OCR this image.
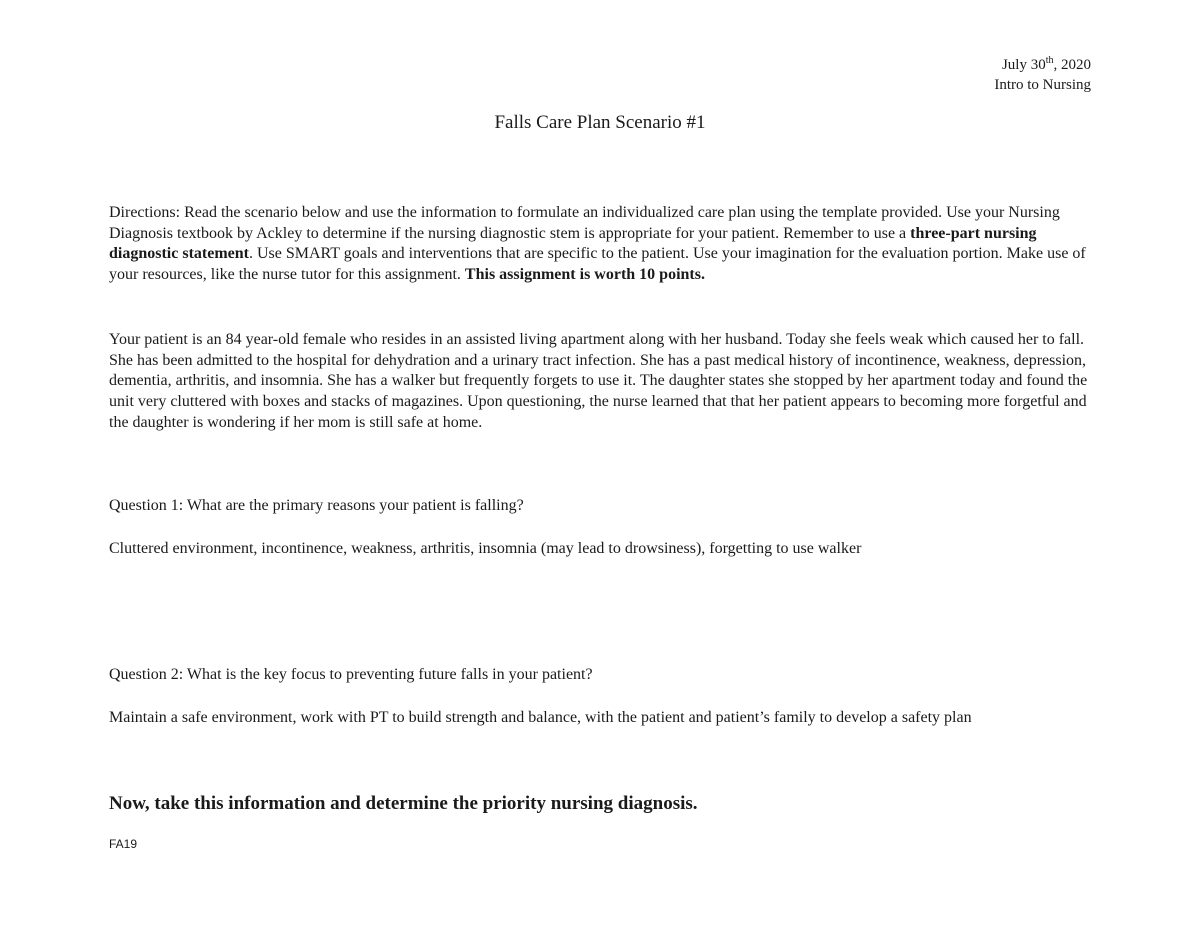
July 30th, 2020
Intro to Nursing
Falls Care Plan Scenario #1

Directions: Read the scenario below and use the information to formulate an individualized care plan using the template provided. Use your Nursing Diagnosis textbook by Ackley to determine if the nursing diagnostic stem is appropriate for your patient. Remember to use a three-part nursing diagnostic statement. Use SMART goals and interventions that are specific to the patient. Use your imagination for the evaluation portion. Make use of your resources, like the nurse tutor for this assignment. This assignment is worth 10 points.

Your patient is an 84 year-old female who resides in an assisted living apartment along with her husband. Today she feels weak which caused her to fall. She has been admitted to the hospital for dehydration and a urinary tract infection. She has a past medical history of incontinence, weakness, depression, dementia, arthritis, and insomnia. She has a walker but frequently forgets to use it. The daughter states she stopped by her apartment today and found the unit very cluttered with boxes and stacks of magazines. Upon questioning, the nurse learned that that her patient appears to becoming more forgetful and the daughter is wondering if her mom is still safe at home.

Question 1: What are the primary reasons your patient is falling?

Cluttered environment, incontinence, weakness, arthritis, insomnia (may lead to drowsiness), forgetting to use walker

Question 2: What is the key focus to preventing future falls in your patient?

Maintain a safe environment, work with PT to build strength and balance, with the patient and patient’s family to develop a safety plan

Now, take this information and determine the priority nursing diagnosis.
FA19
